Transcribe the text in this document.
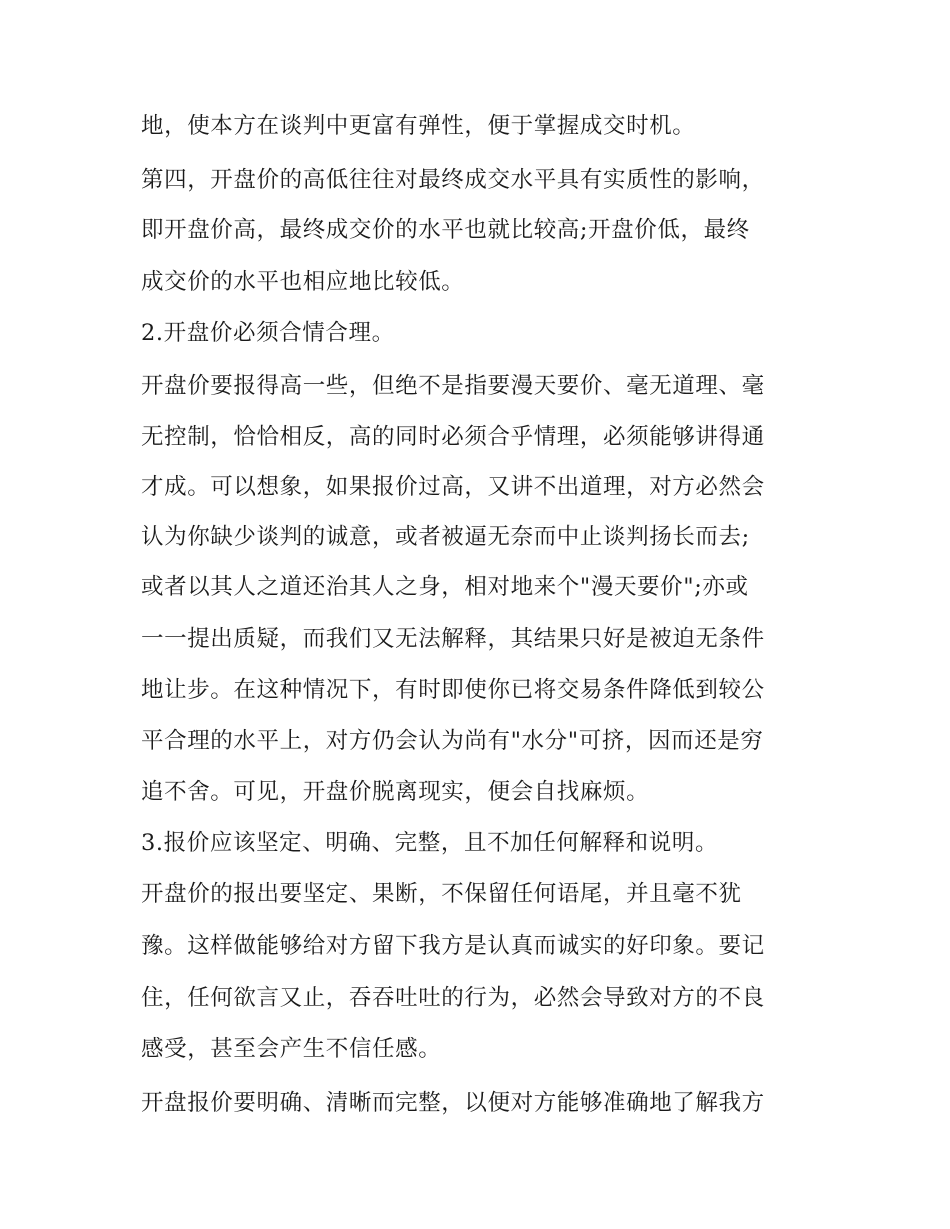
地，使本方在谈判中更富有弹性，便于掌握成交时机。
第四，开盘价的高低往往对最终成交水平具有实质性的影响，
即开盘价高，最终成交价的水平也就比较高;开盘价低，最终
成交价的水平也相应地比较低。
2.开盘价必须合情合理。
开盘价要报得高一些，但绝不是指要漫天要价、毫无道理、毫
无控制，恰恰相反，高的同时必须合乎情理，必须能够讲得通
才成。可以想象，如果报价过高，又讲不出道理，对方必然会
认为你缺少谈判的诚意，或者被逼无奈而中止谈判扬长而去;
或者以其人之道还治其人之身，相对地来个"漫天要价";亦或
一一提出质疑，而我们又无法解释，其结果只好是被迫无条件
地让步。在这种情况下，有时即使你已将交易条件降低到较公
平合理的水平上，对方仍会认为尚有"水分"可挤，因而还是穷
追不舍。可见，开盘价脱离现实，便会自找麻烦。
3.报价应该坚定、明确、完整，且不加任何解释和说明。
开盘价的报出要坚定、果断，不保留任何语尾，并且毫不犹
豫。这样做能够给对方留下我方是认真而诚实的好印象。要记
住，任何欲言又止，吞吞吐吐的行为，必然会导致对方的不良
感受，甚至会产生不信任感。
开盘报价要明确、清晰而完整，以便对方能够准确地了解我方
